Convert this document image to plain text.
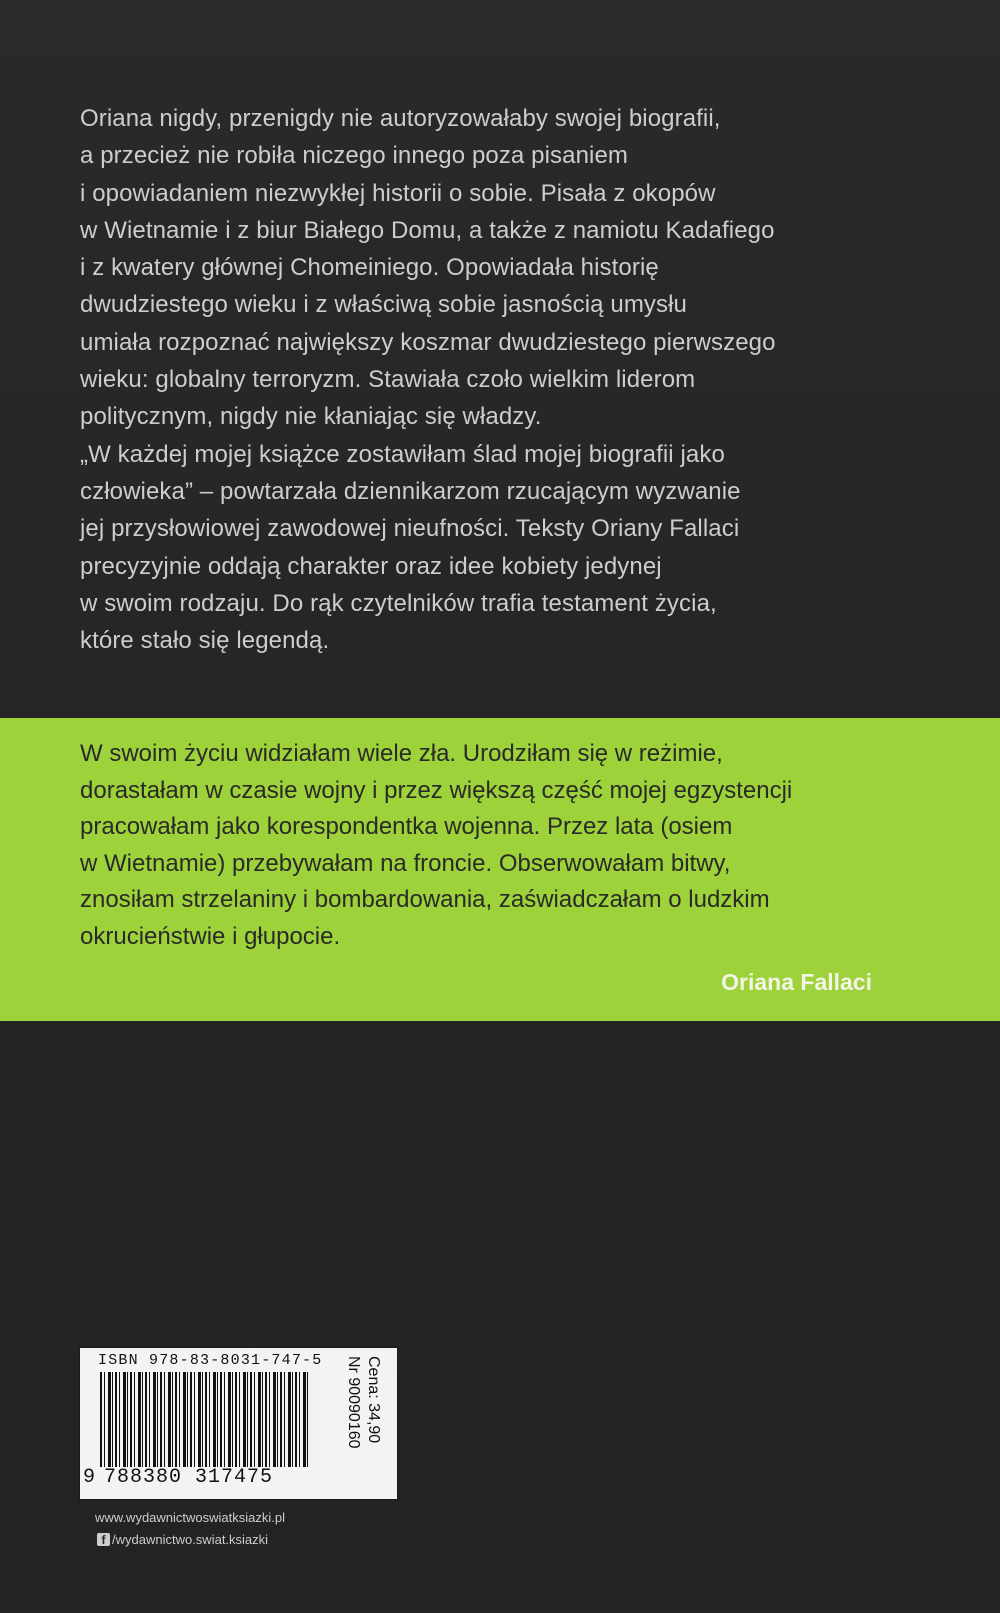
Oriana nigdy, przenigdy nie autoryzowałaby swojej biografii,

a przecież nie robiła niczego innego poza pisaniem

i opowiadaniem niezwykłej historii o sobie. Pisała z okopów

w Wietnamie i z biur Białego Domu, a także z namiotu Kadafiego

i z kwatery głównej Chomeiniego. Opowiadała historię

dwudziestego wieku i z właściwą sobie jasnością umysłu

umiała rozpoznać największy koszmar dwudziestego pierwszego

wieku: globalny terroryzm. Stawiała czoło wielkim liderom

politycznym, nigdy nie kłaniając się władzy.

„W każdej mojej książce zostawiłam ślad mojej biografii jako

człowieka” – powtarzała dziennikarzom rzucającym wyzwanie

jej przysłowiowej zawodowej nieufności. Teksty Oriany Fallaci

precyzyjnie oddają charakter oraz idee kobiety jedynej

w swoim rodzaju. Do rąk czytelników trafia testament życia,

które stało się legendą.

W swoim życiu widziałam wiele zła. Urodziłam się w reżimie,

dorastałam w czasie wojny i przez większą część mojej egzystencji

pracowałam jako korespondentka wojenna. Przez lata (osiem

w Wietnamie) przebywałam na froncie. Obserwowałam bitwy,

znosiłam strzelaniny i bombardowania, zaświadczałam o ludzkim

okrucieństwie i głupocie.

Oriana Fallaci
ISBN 978-83-8031-747-5
9 788380 317475
Nr 90090160 Cena: 34,90
www.wydawnictwoswiatksiazki.pl
f /wydawnictwo.swiat.ksiazki
